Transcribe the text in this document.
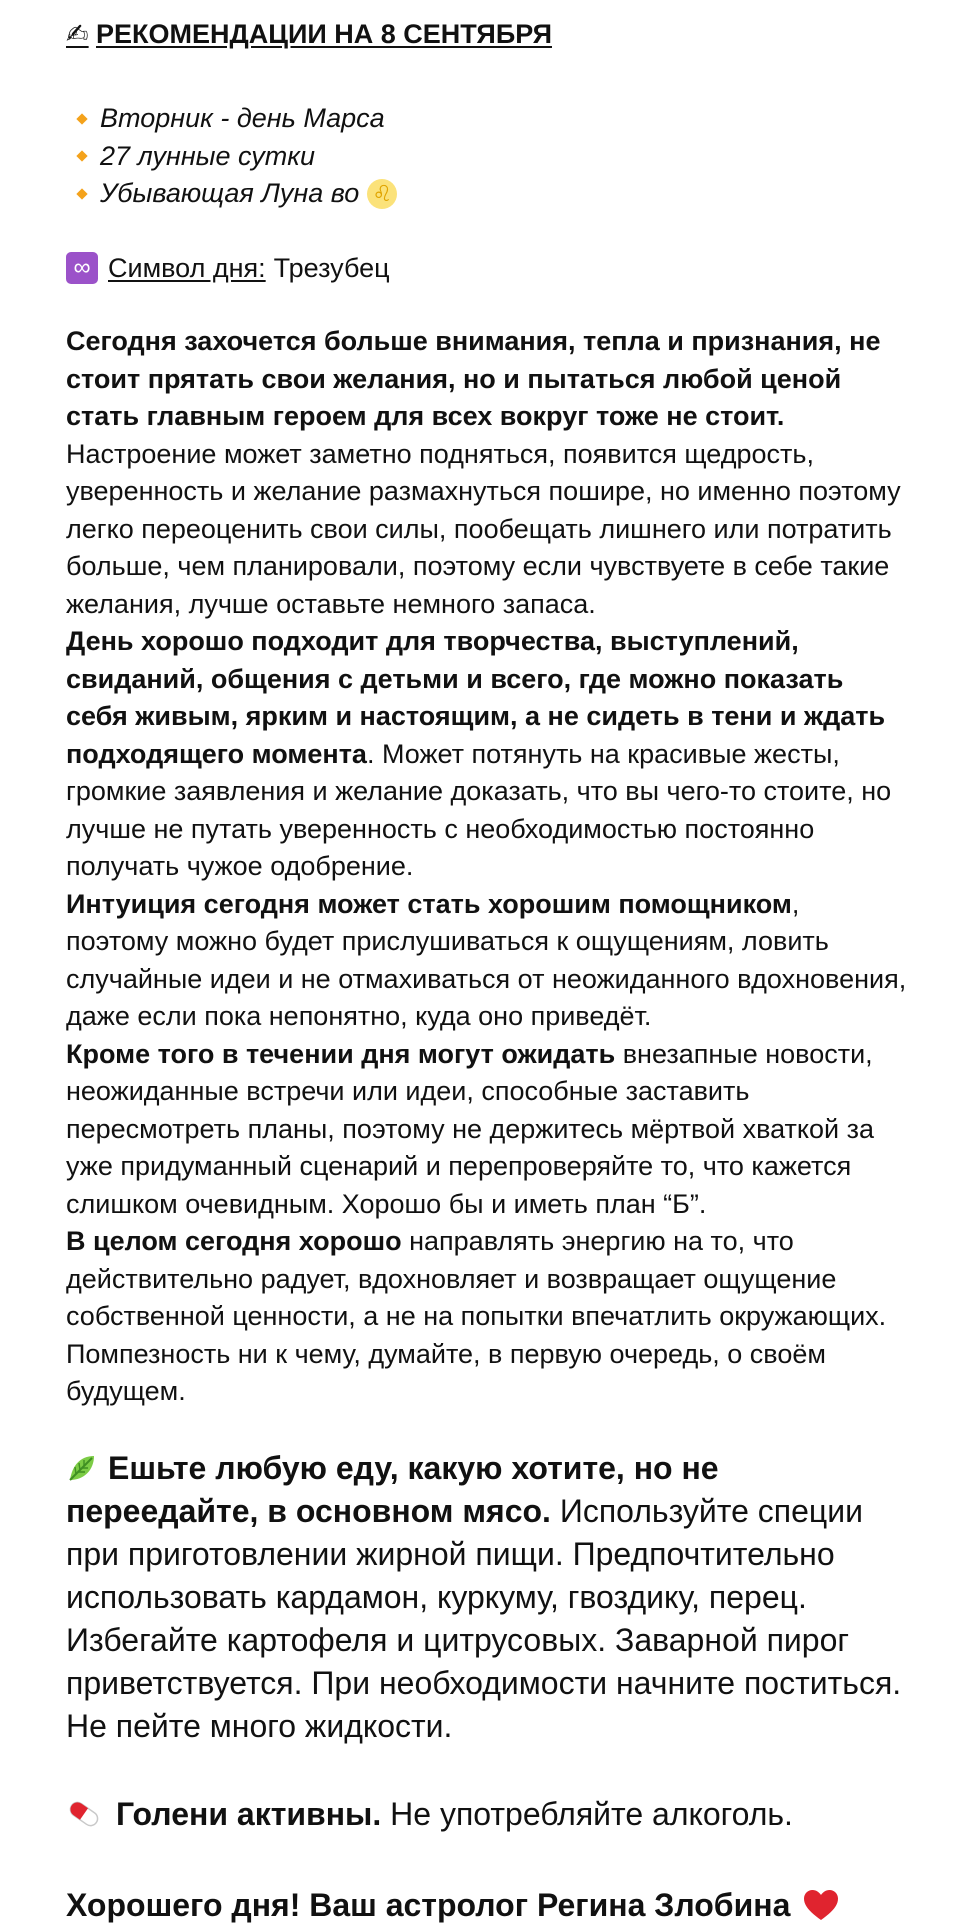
✍ РЕКОМЕНДАЦИИ НА 8 СЕНТЯБРЯ
Вторник - день Марса
27 лунные сутки
Убывающая Луна во ♌
∞ Символ дня: Трезубец

Сегодня захочется больше внимания, тепла и признания, не стоит прятать свои желания, но и пытаться любой ценой стать главным героем для всех вокруг тоже не стоит. Настроение может заметно подняться, появится щедрость, уверенность и желание размахнуться пошире, но именно поэтому легко переоценить свои силы, пообещать лишнего или потратить больше, чем планировали, поэтому если чувствуете в себе такие желания, лучше оставьте немного запаса.

День хорошо подходит для творчества, выступлений, свиданий, общения с детьми и всего, где можно показать себя живым, ярким и настоящим, а не сидеть в тени и ждать подходящего момента. Может потянуть на красивые жесты, громкие заявления и желание доказать, что вы чего-то стоите, но лучше не путать уверенность с необходимостью постоянно получать чужое одобрение.

Интуиция сегодня может стать хорошим помощником, поэтому можно будет прислушиваться к ощущениям, ловить случайные идеи и не отмахиваться от неожиданного вдохновения, даже если пока непонятно, куда оно приведёт.

Кроме того в течении дня могут ожидать внезапные новости, неожиданные встречи или идеи, способные заставить пересмотреть планы, поэтому не держитесь мёртвой хваткой за уже придуманный сценарий и перепроверяйте то, что кажется слишком очевидным. Хорошо бы и иметь план “Б”.

В целом сегодня хорошо направлять энергию на то, что действительно радует, вдохновляет и возвращает ощущение собственной ценности, а не на попытки впечатлить окружающих. Помпезность ни к чему, думайте, в первую очередь, о своём будущем.

Ешьте любую еду, какую хотите, но не переедайте, в основном мясо. Используйте специи при приготовлении жирной пищи. Предпочтительно использовать кардамон, куркуму, гвоздику, перец. Избегайте картофеля и цитрусовых. Заварной пирог приветствуется. При необходимости начните поститься. Не пейте много жидкости.

Голени активны. Не употребляйте алкоголь.
Хорошего дня! Ваш астролог Регина Злобина
